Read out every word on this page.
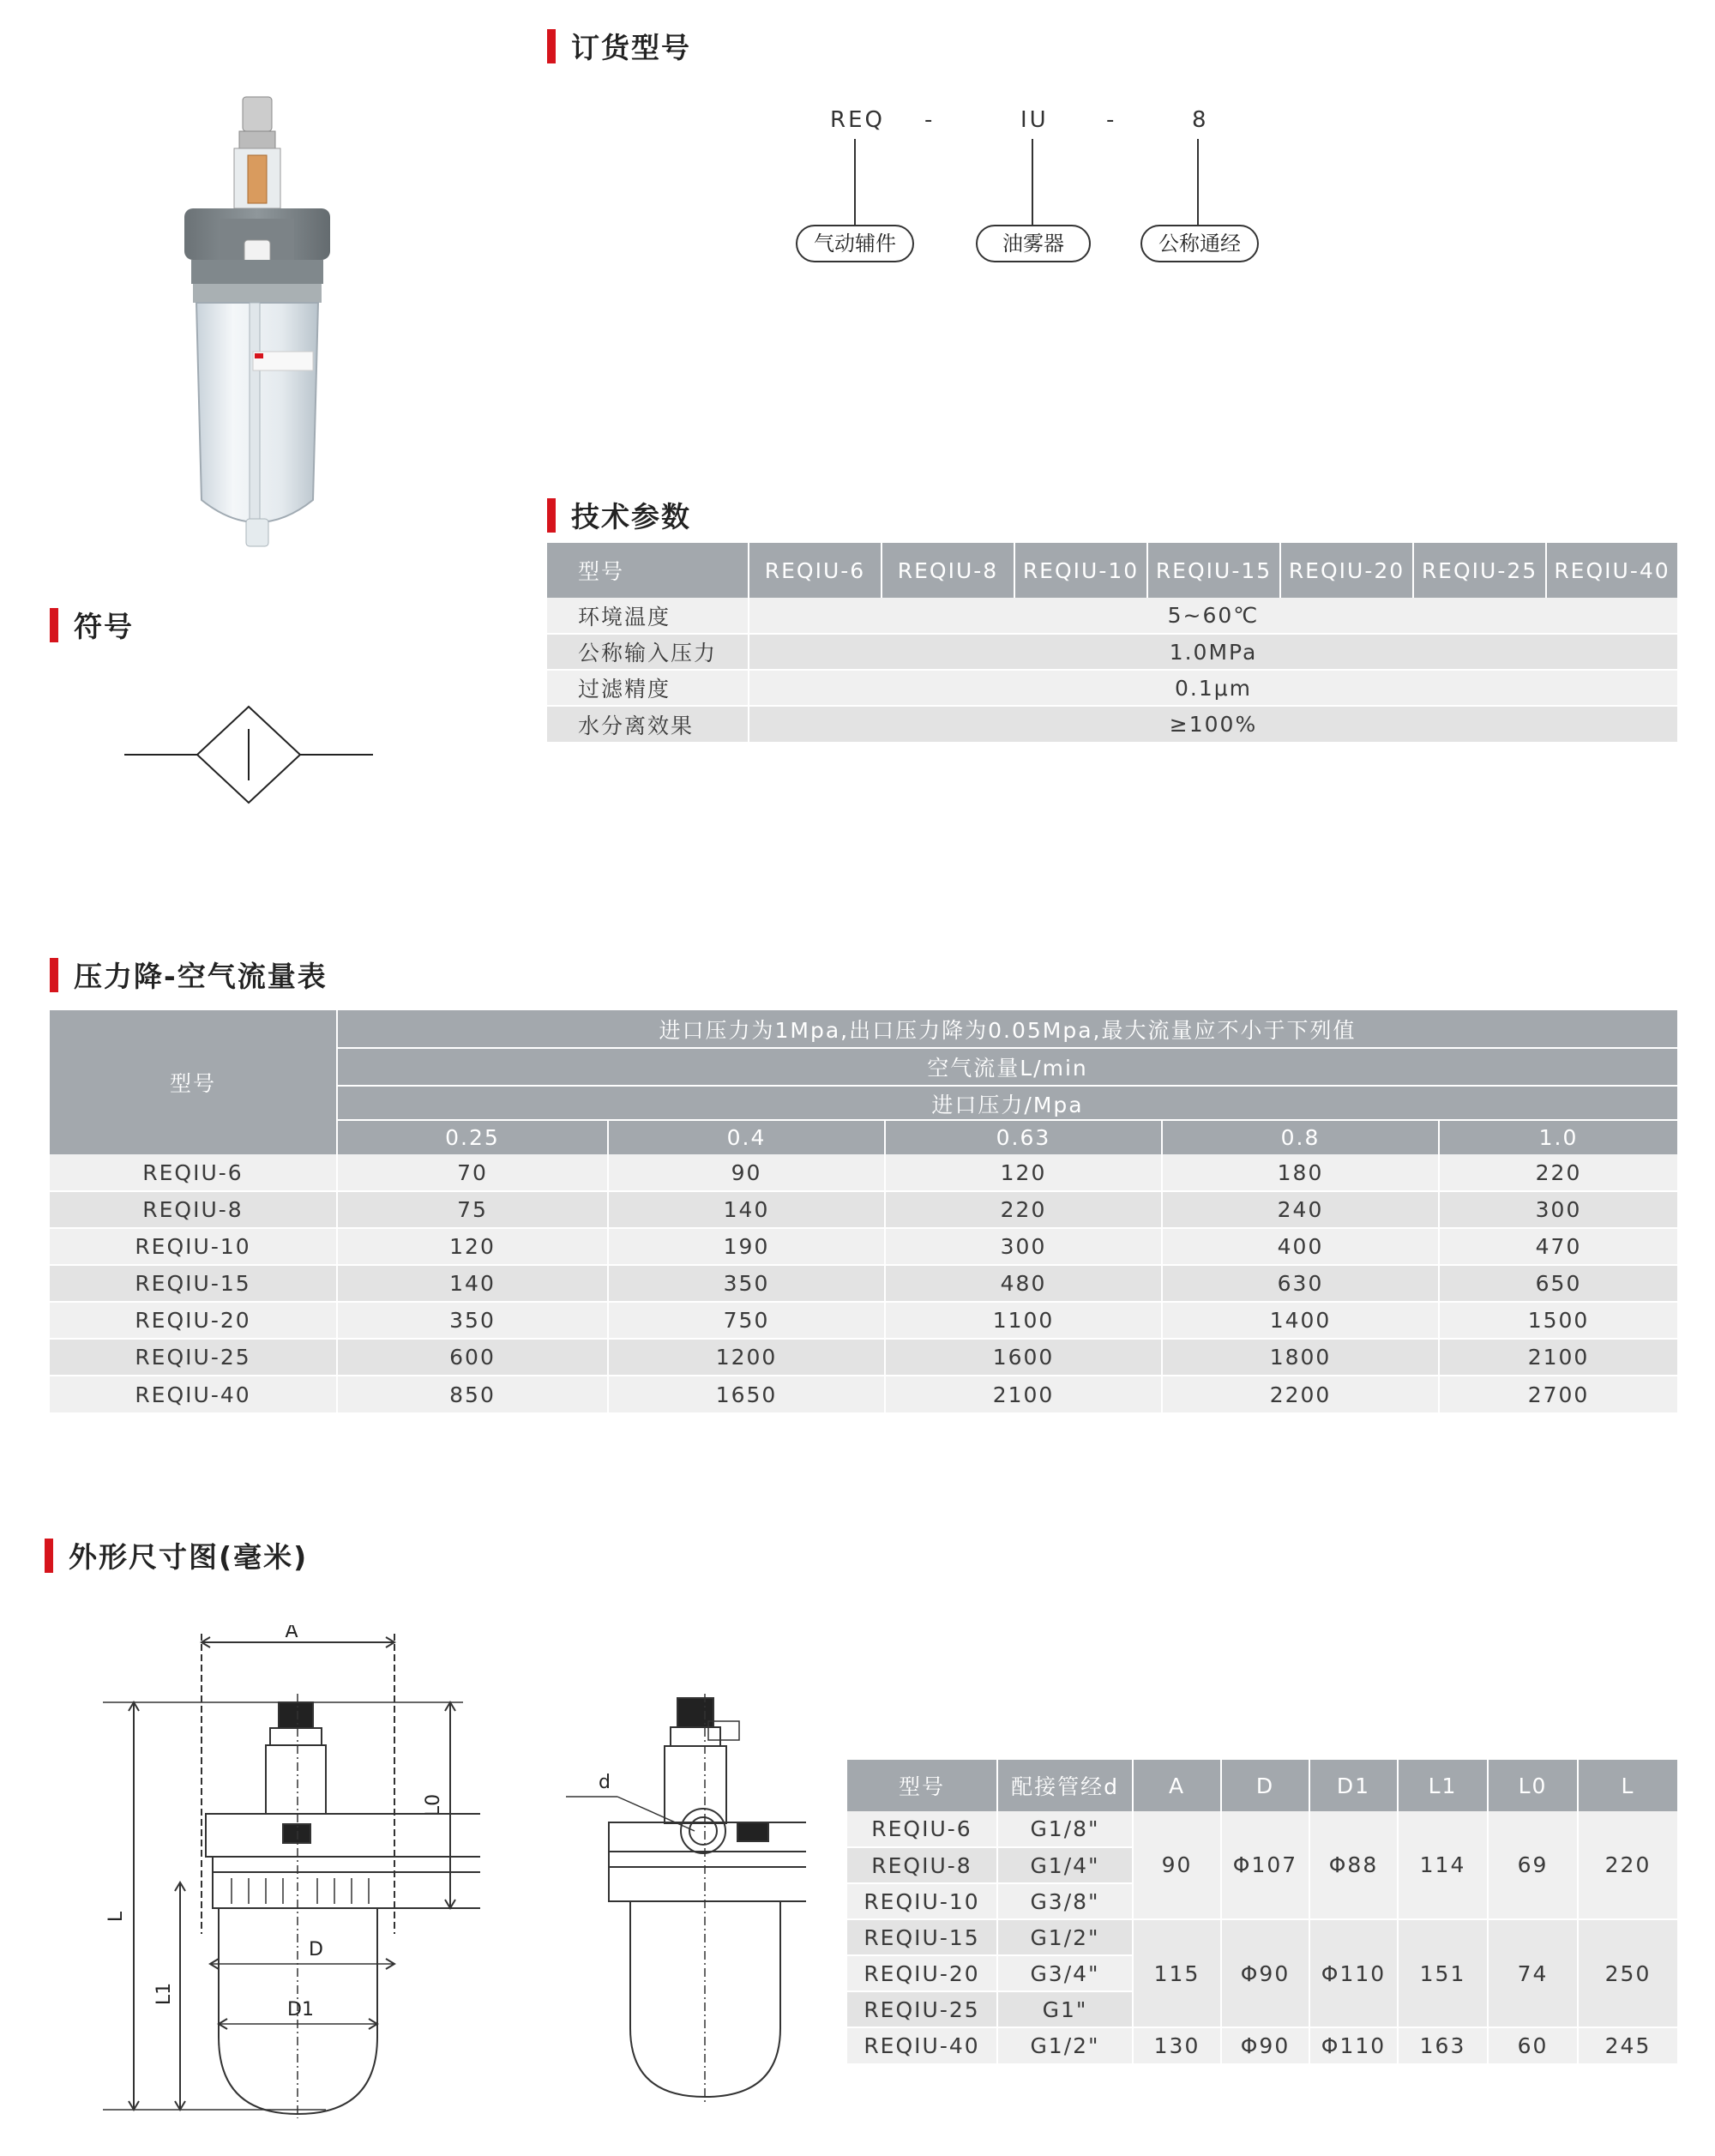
订货型号
REQ -	IU	-	8
气动辅件	油雾器	公称通经
符号
技术参数
型号	REQIU-6	REQIU-8	REQIU-10	REQIU-15	REQIU-20	REQIU-25	REQIU-40
环境温度	5~60℃						
公称输入压力	1.0MPa						
过滤精度	0.1μm						
水分离效果	≥100%						
压力降-空气流量表
型号	进口压力为1Mpa,出口压力降为0.05Mpa,最大流量应不小于下列值				
	空气流量L/min				
	进口压力/Mpa				
	0.25	0.4	0.63	0.8	1.0
REQIU-6	70	90	120	180	220
REQIU-8	75	140	220	240	300
REQIU-10	120	190	300	400	470
REQIU-15	140	350	480	630	650
REQIU-20	350	750	1100	1400	1500
REQIU-25	600	1200	1600	1800	2100
REQIU-40	850	1650	2100	2200	2700
外形尺寸图(毫米)
A
L
L0
L1
D
D1
d	型号	配接管经d	A	D	D1	L1	L0	L
REQIU-6	G1/8"	90	Φ107	Φ88	114	69	220
REQIU-8	G1/4"						
REQIU-10	G3/8"						
REQIU-15	G1/2"	115	Φ90	Φ110	151	74	250
REQIU-20	G3/4"						
REQIU-25	G1"						
REQIU-40	G1/2"	130	Φ90	Φ110	163	60	245
